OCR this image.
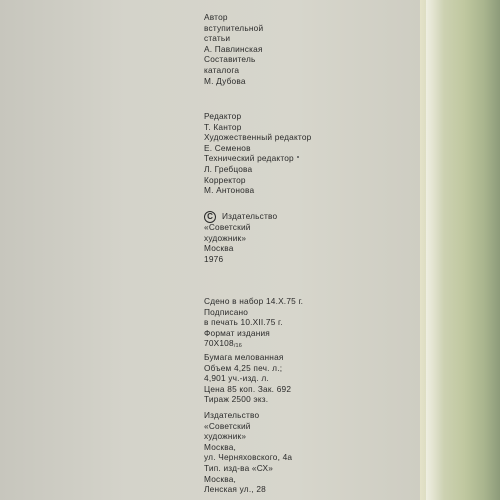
Автор
вступительной
статьи
А. Павлинская
Составитель
каталога
М. Дубова
Редактор
Т. Кантор
Художественный редактор
Е. Семенов
Технический редактор
Л. Гребцова
Корректор
М. Антонова
C	Издательство
«Советский
художник»
Москва
1976
Сдено в набор 14.Х.75 г.
Подписано
в печать 10.ХII.75 г.
Формат издания
70Х108/16
Бумага мелованная
Объем 4,25 печ. л.;
4,901 уч.-изд. л.
Цена 85 коп. Зак. 692
Тираж 2500 экз.
Издательство
«Советский
художник»
Москва,
ул. Черняховского, 4а
Тип. изд-ва «СХ»
Москва,
Ленская ул., 28
